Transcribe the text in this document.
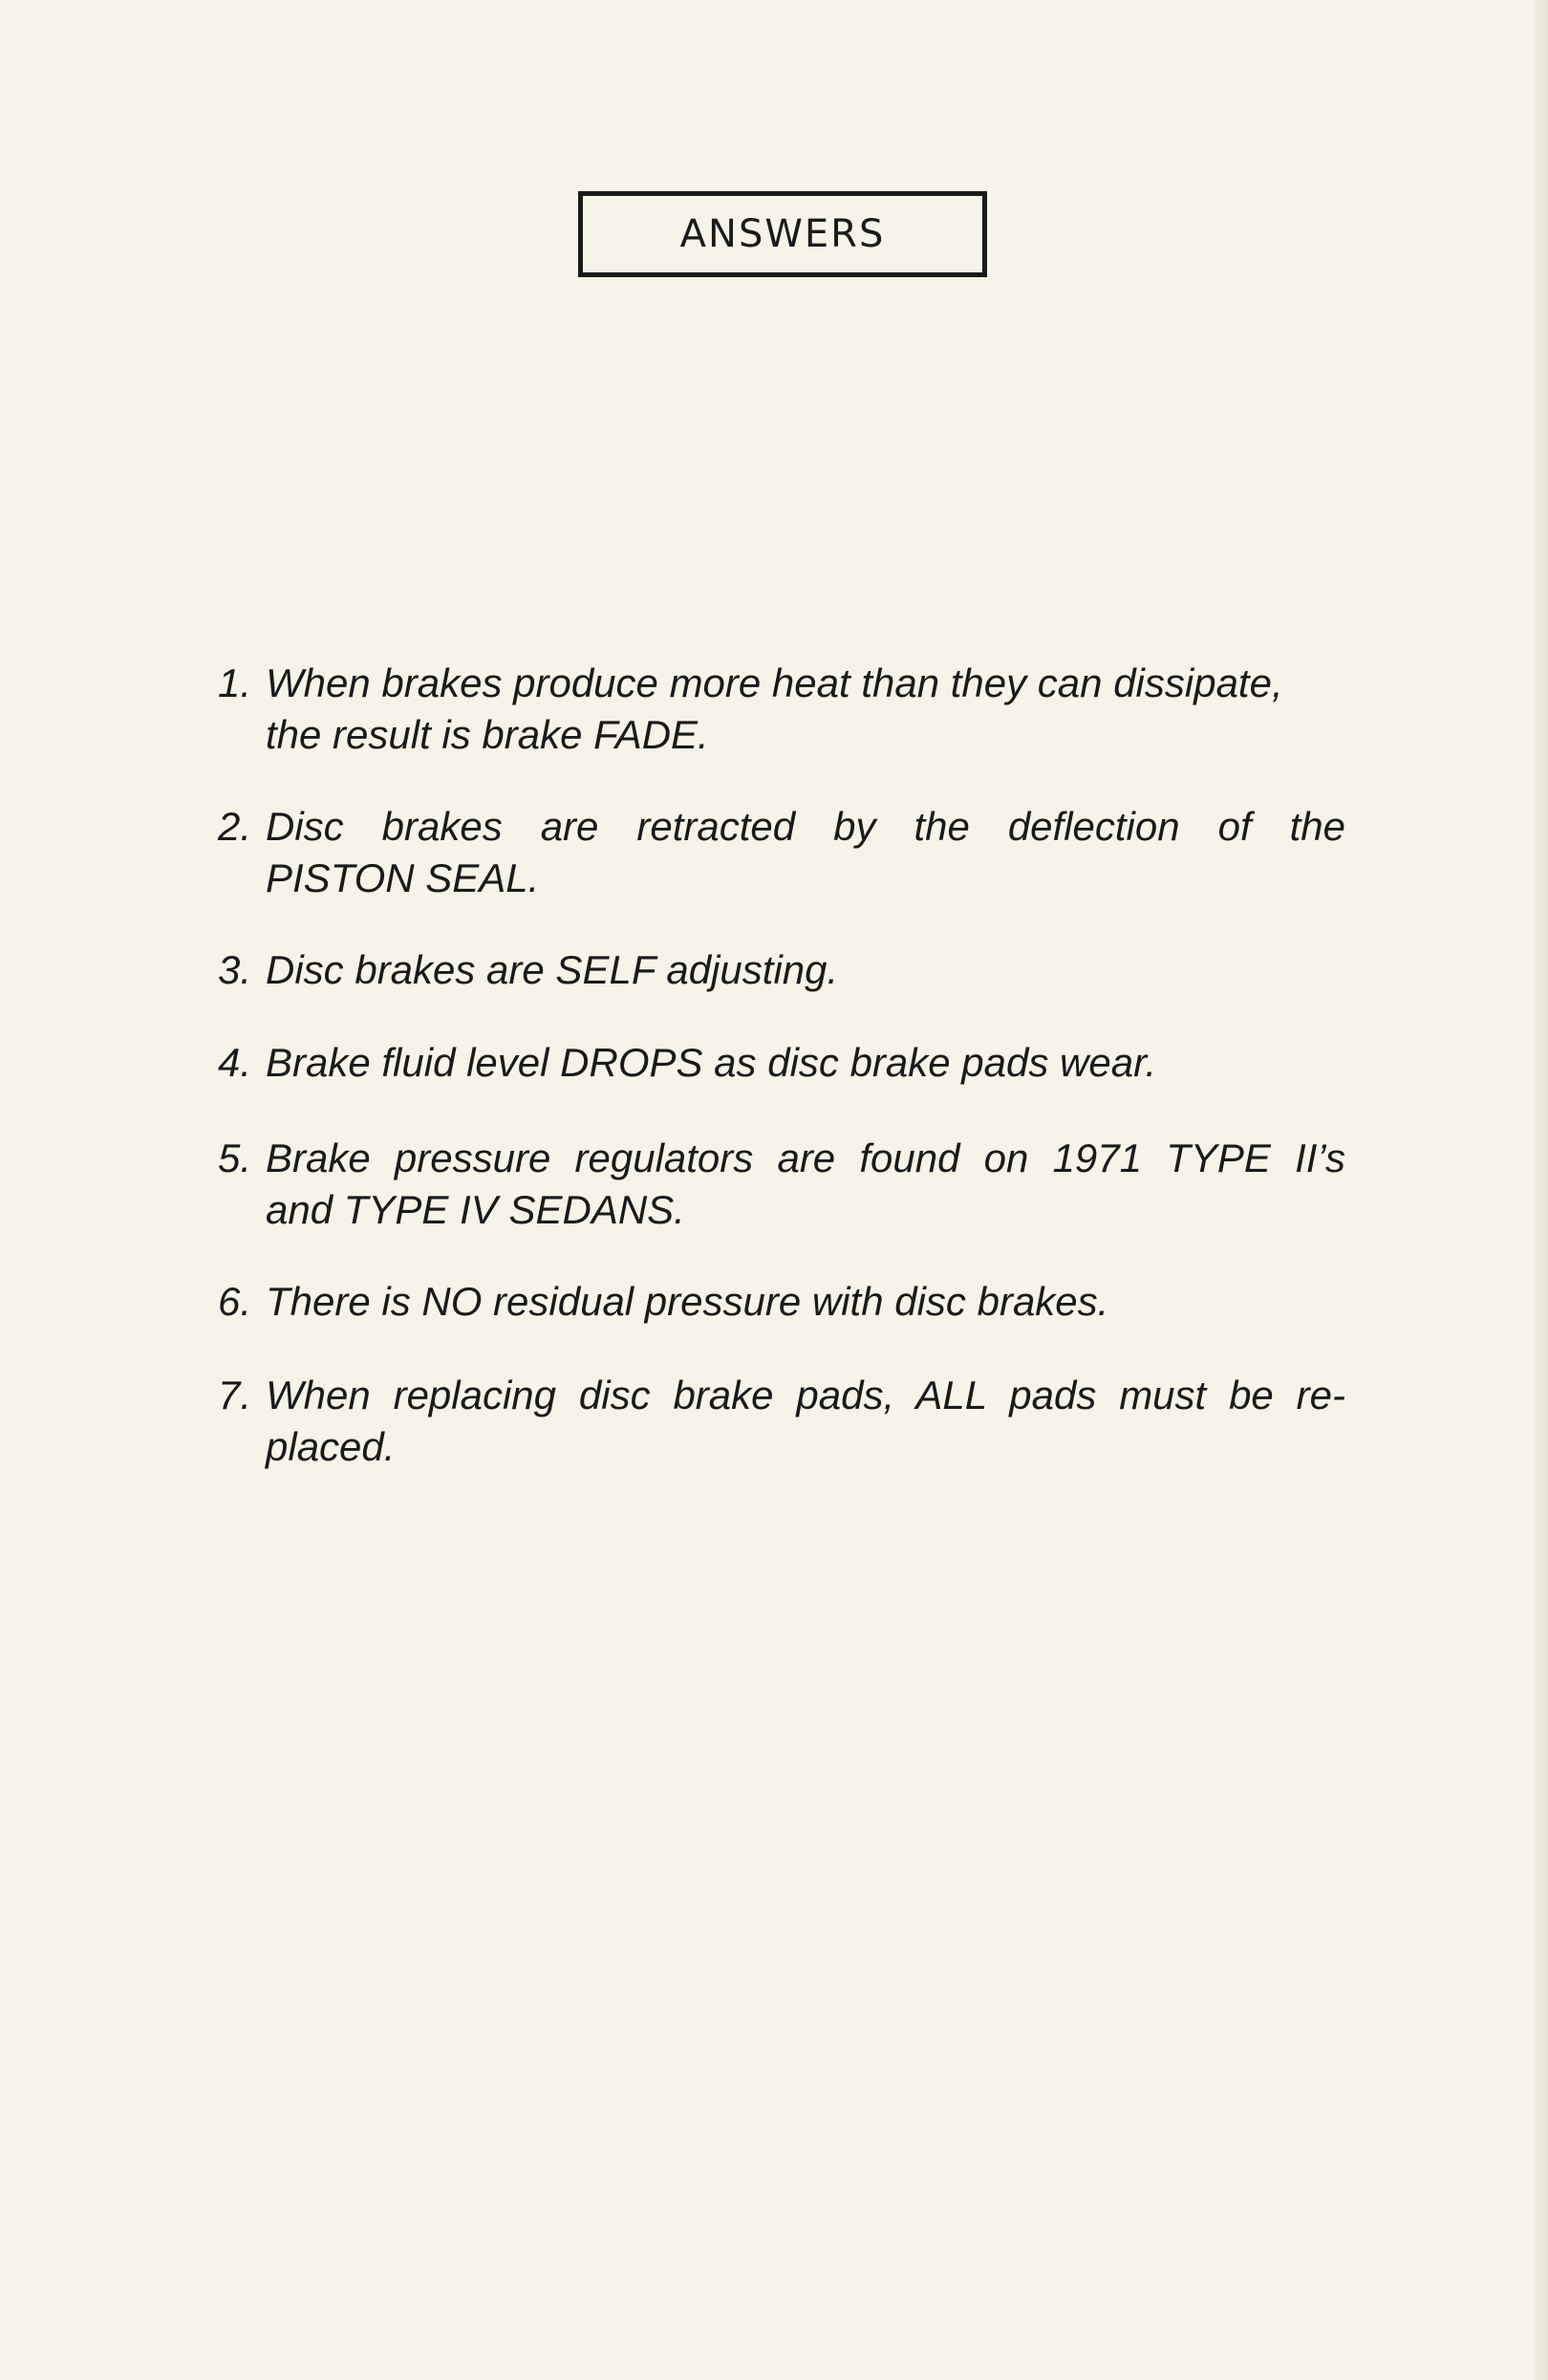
ANSWERS
1. When brakes produce more heat than they can dissipate,
the result is brake FADE.
2. Disc brakes are retracted by the deflection of the
PISTON SEAL.
3. Disc brakes are SELF adjusting.
4. Brake fluid level DROPS as disc brake pads wear.
5. Brake pressure regulators are found on 1971 TYPE II’s
and TYPE IV SEDANS.
6. There is NO residual pressure with disc brakes.
7. When replacing disc brake pads, ALL pads must be re-
placed.
